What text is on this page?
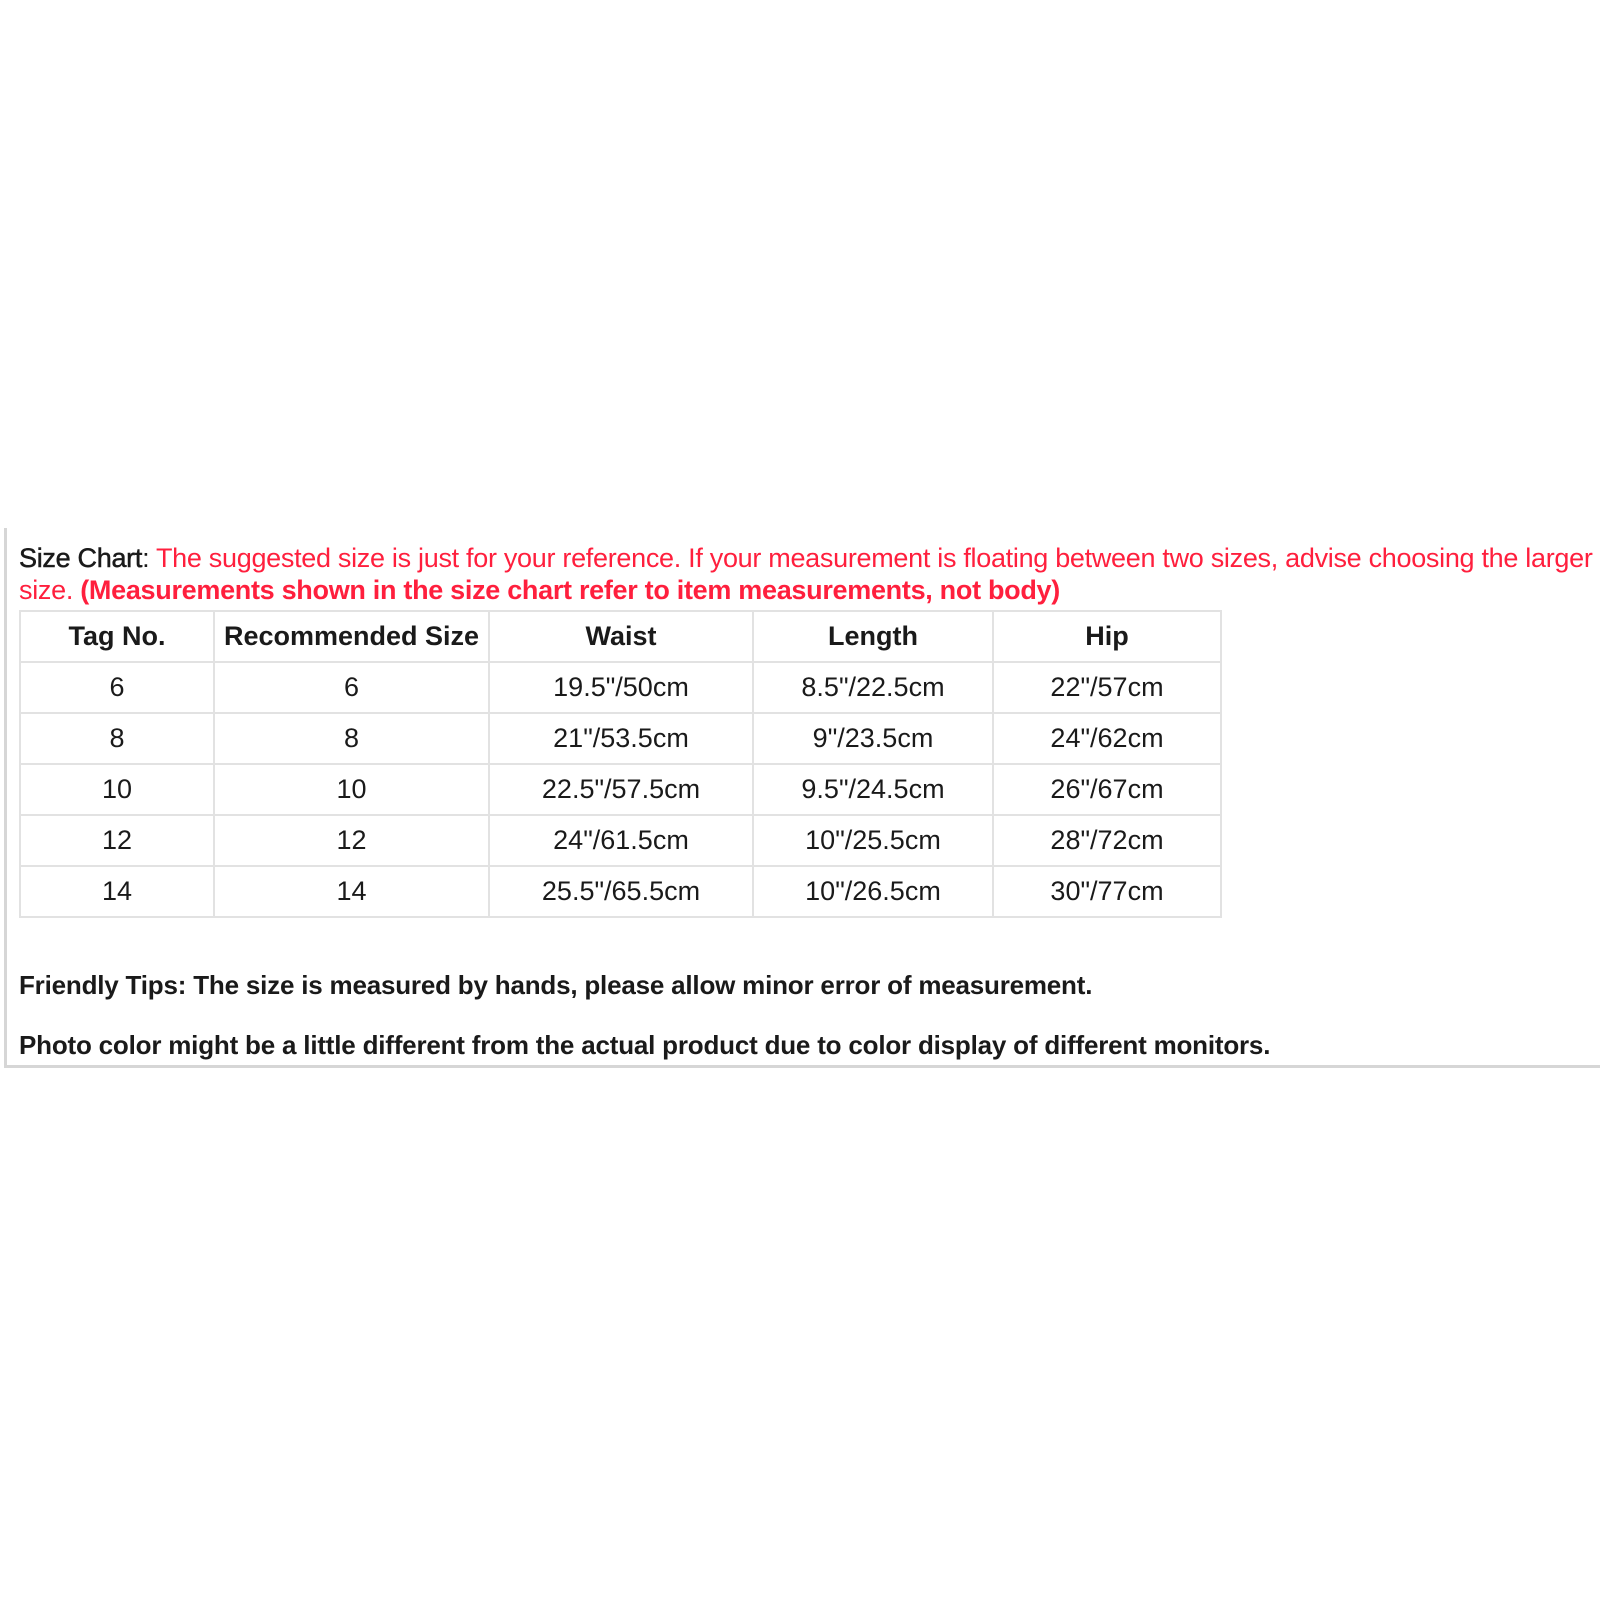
Size Chart: The suggested size is just for your reference. If your measurement is floating between two sizes, advise choosing the larger size. (Measurements shown in the size chart refer to item measurements, not body)
Tag No.	Recommended Size	Waist	Length	Hip
6	6	19.5"/50cm	8.5"/22.5cm	22"/57cm
8	8	21"/53.5cm	9"/23.5cm	24"/62cm
10	10	22.5"/57.5cm	9.5"/24.5cm	26"/67cm
12	12	24"/61.5cm	10"/25.5cm	28"/72cm
14	14	25.5"/65.5cm	10"/26.5cm	30"/77cm
Friendly Tips: The size is measured by hands, please allow minor error of measurement.
Photo color might be a little different from the actual product due to color display of different monitors.
